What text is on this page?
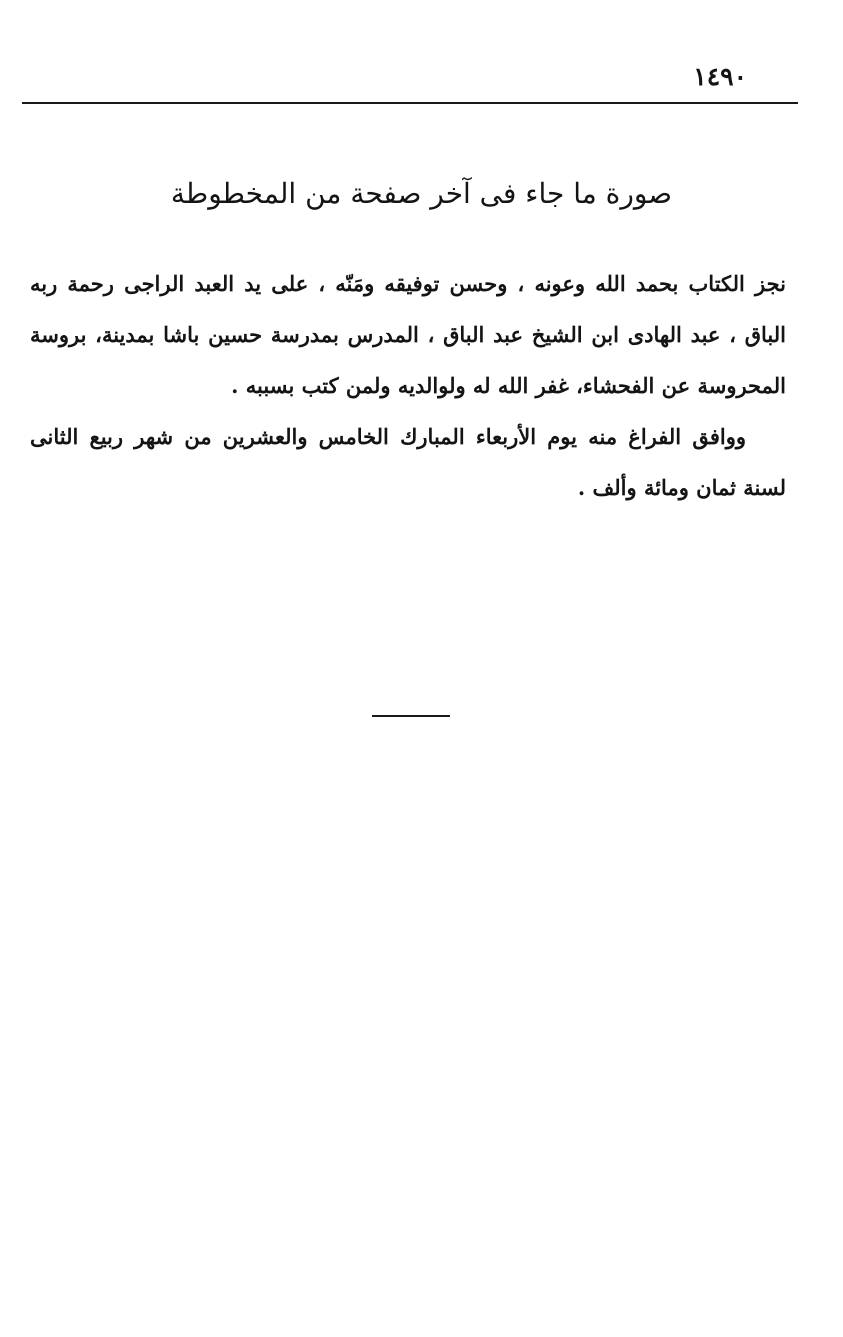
١٤٩٠
صورة ما جاء فى آخر صفحة من المخطوطة

نجز الكتاب بحمد الله وعونه ، وحسن توفيقه ومَنّه ، على يد العبد الراجى رحمة ربه الباق ، عبد الهادى ابن الشيخ عبد الباق ، المدرس بمدرسة حسين باشا بمدينة، بروسة المحروسة عن الفحشاء، غفر الله له ولوالديه ولمن كتب بسببه .

ووافق الفراغ منه يوم الأربعاء المبارك الخامس والعشرين من شهر ربيع الثانى لسنة ثمان ومائة وألف .
